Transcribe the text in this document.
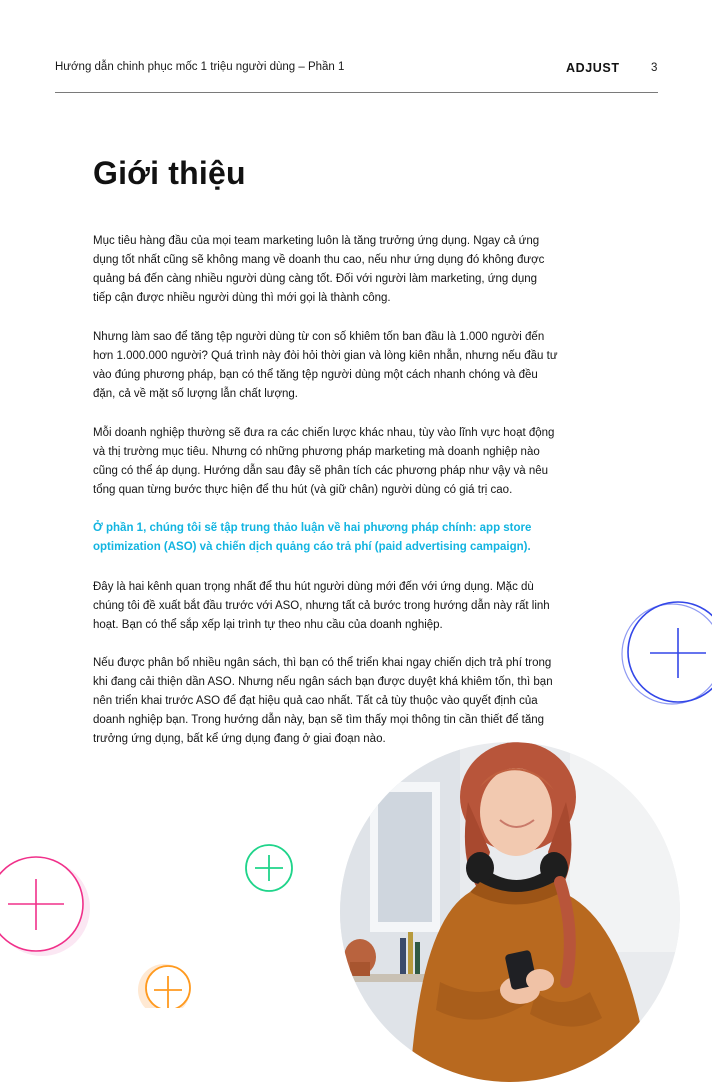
Hướng dẫn chinh phục mốc 1 triệu người dùng – Phần 1	ADJUST	3
Giới thiệu

Mục tiêu hàng đầu của mọi team marketing luôn là tăng trưởng ứng dụng. Ngay cả ứng dụng tốt nhất cũng sẽ không mang về doanh thu cao, nếu như ứng dụng đó không được quảng bá đến càng nhiều người dùng càng tốt. Đối với người làm marketing, ứng dụng tiếp cận được nhiều người dùng thì mới gọi là thành công.

Nhưng làm sao để tăng tệp người dùng từ con số khiêm tốn ban đầu là 1.000 người đến hơn 1.000.000 người? Quá trình này đòi hỏi thời gian và lòng kiên nhẫn, nhưng nếu đầu tư vào đúng phương pháp, bạn có thể tăng tệp người dùng một cách nhanh chóng và đều đặn, cả về mặt số lượng lẫn chất lượng.

Mỗi doanh nghiệp thường sẽ đưa ra các chiến lược khác nhau, tùy vào lĩnh vực hoạt động và thị trường mục tiêu. Nhưng có những phương pháp marketing mà doanh nghiệp nào cũng có thể áp dụng. Hướng dẫn sau đây sẽ phân tích các phương pháp như vậy và nêu tổng quan từng bước thực hiện để thu hút (và giữ chân) người dùng có giá trị cao.

Ở phần 1, chúng tôi sẽ tập trung thảo luận về hai phương pháp chính: app store optimization (ASO) và chiến dịch quảng cáo trả phí (paid advertising campaign).

Đây là hai kênh quan trọng nhất để thu hút người dùng mới đến với ứng dụng. Mặc dù chúng tôi đề xuất bắt đầu trước với ASO, nhưng tất cả bước trong hướng dẫn này rất linh hoạt. Bạn có thể sắp xếp lại trình tự theo nhu cầu của doanh nghiệp.

Nếu được phân bổ nhiều ngân sách, thì bạn có thể triển khai ngay chiến dịch trả phí trong khi đang cải thiện dần ASO. Nhưng nếu ngân sách bạn được duyệt khá khiêm tốn, thì bạn nên triển khai trước ASO để đạt hiệu quả cao nhất. Tất cả tùy thuộc vào quyết định của doanh nghiệp bạn. Trong hướng dẫn này, bạn sẽ tìm thấy mọi thông tin cần thiết để tăng trưởng ứng dụng, bất kể ứng dụng đang ở giai đoạn nào.
